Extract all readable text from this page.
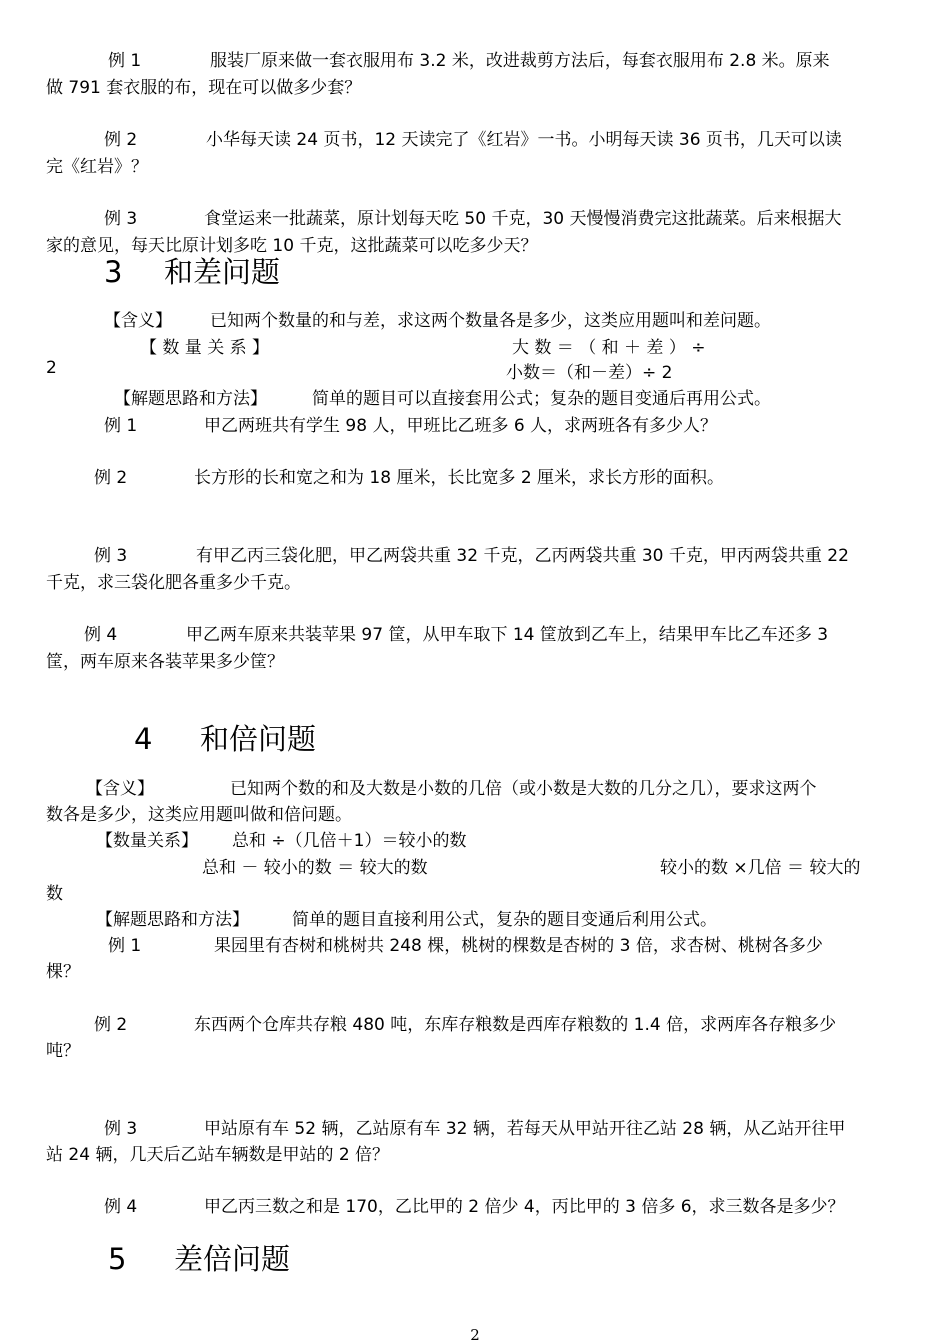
例 1	服装厂原来做一套衣服用布 3.2 米，改进裁剪方法后，每套衣服用布 2.8 米。原来
做 791 套衣服的布，现在可以做多少套？
例 2	小华每天读 24 页书，12 天读完了《红岩》一书。小明每天读 36 页书，几天可以读
完《红岩》？
例 3	食堂运来一批蔬菜，原计划每天吃 50 千克，30 天慢慢消费完这批蔬菜。后来根据大
家的意见，每天比原计划多吃 10 千克，这批蔬菜可以吃多少天？
3 和差问题
【含义】 已知两个数量的和与差，求这两个数量各是多少，这类应用题叫和差问题。
【 数 量 关 系 】	大 数 ＝ （ 和 ＋ 差 ） ÷
2	小数＝（和－差）÷ 2
【解题思路和方法】	简单的题目可以直接套用公式；复杂的题目变通后再用公式。
例 1	甲乙两班共有学生 98 人，甲班比乙班多 6 人，求两班各有多少人？
例 2	长方形的长和宽之和为 18 厘米，长比宽多 2 厘米，求长方形的面积。
例 3	有甲乙丙三袋化肥，甲乙两袋共重 32 千克，乙丙两袋共重 30 千克，甲丙两袋共重 22
千克，求三袋化肥各重多少千克。
例 4	甲乙两车原来共装苹果 97 筐，从甲车取下 14 筐放到乙车上，结果甲车比乙车还多 3
筐，两车原来各装苹果多少筐？
4 和倍问题
【含义】	已知两个数的和及大数是小数的几倍（或小数是大数的几分之几），要求这两个
数各是多少，这类应用题叫做和倍问题。
【数量关系】 总和 ÷（几倍＋1）＝较小的数
总和 － 较小的数 ＝ 较大的数	较小的数 ×几倍 ＝ 较大的
数
【解题思路和方法】	简单的题目直接利用公式，复杂的题目变通后利用公式。
例 1	果园里有杏树和桃树共 248 棵，桃树的棵数是杏树的 3 倍，求杏树、桃树各多少
棵？
例 2	东西两个仓库共存粮 480 吨，东库存粮数是西库存粮数的 1.4 倍，求两库各存粮多少
吨？
例 3	甲站原有车 52 辆，乙站原有车 32 辆，若每天从甲站开往乙站 28 辆，从乙站开往甲
站 24 辆，几天后乙站车辆数是甲站的 2 倍？
例 4	甲乙丙三数之和是 170，乙比甲的 2 倍少 4，丙比甲的 3 倍多 6，求三数各是多少？
5 差倍问题
2
